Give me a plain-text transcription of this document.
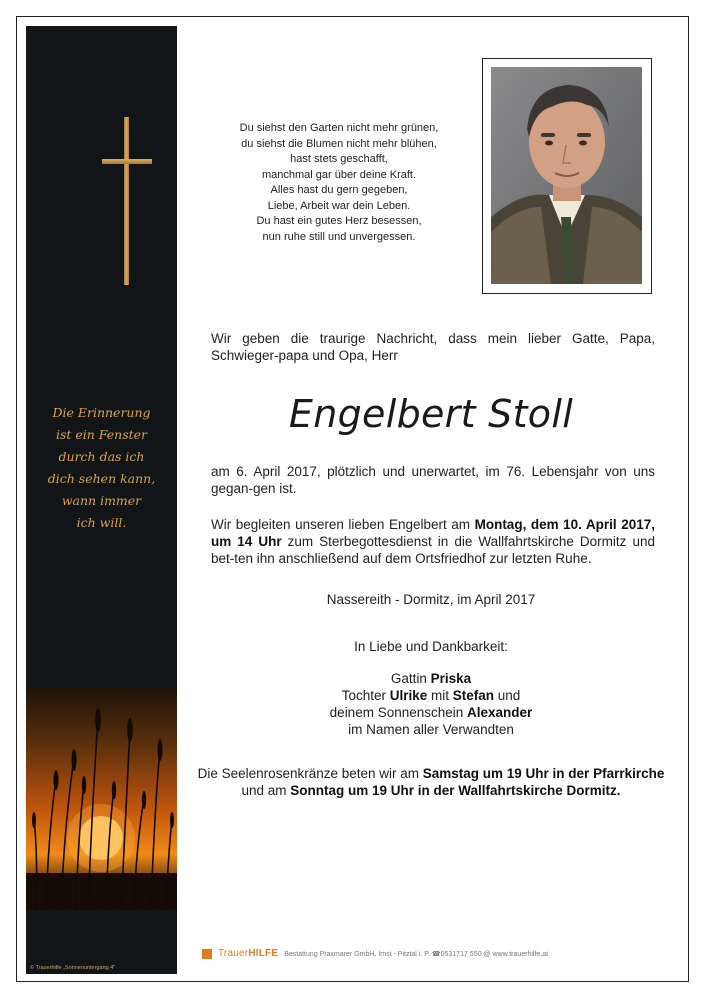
Die Erinnerung
ist ein Fenster
durch das ich
dich sehen kann,
wann immer
ich will.
© Trauerhilfe „Sonnenuntergang 4"
Du siehst den Garten nicht mehr grünen,
du siehst die Blumen nicht mehr blühen,
hast stets geschafft,
manchmal gar über deine Kraft.
Alles hast du gern gegeben,
Liebe, Arbeit war dein Leben.
Du hast ein gutes Herz besessen,
nun ruhe still und unvergessen.
Wir geben die traurige Nachricht, dass mein lieber Gatte, Papa, Schwieger-papa und Opa, Herr
Engelbert Stoll
am 6. April 2017, plötzlich und unerwartet, im 76. Lebensjahr von uns gegan-gen ist.
Wir begleiten unseren lieben Engelbert am Montag, dem 10. April 2017, um 14 Uhr zum Sterbegottesdienst in die Wallfahrtskirche Dormitz und bet-ten ihn anschließend auf dem Ortsfriedhof zur letzten Ruhe.
Nassereith - Dormitz, im April 2017
In Liebe und Dankbarkeit:
Gattin Priska
Tochter Ulrike mit Stefan und
deinem Sonnenschein Alexander
im Namen aller Verwandten
Die Seelenrosenkränze beten wir am Samstag um 19 Uhr in der Pfarrkirche
und am Sonntag um 19 Uhr in der Wallfahrtskirche Dormitz.
TrauerHILFE Bestattung Praxmarer GmbH, Imst - Pitztal i. P. ☎0531717 550 @ www.trauerhilfe.at
